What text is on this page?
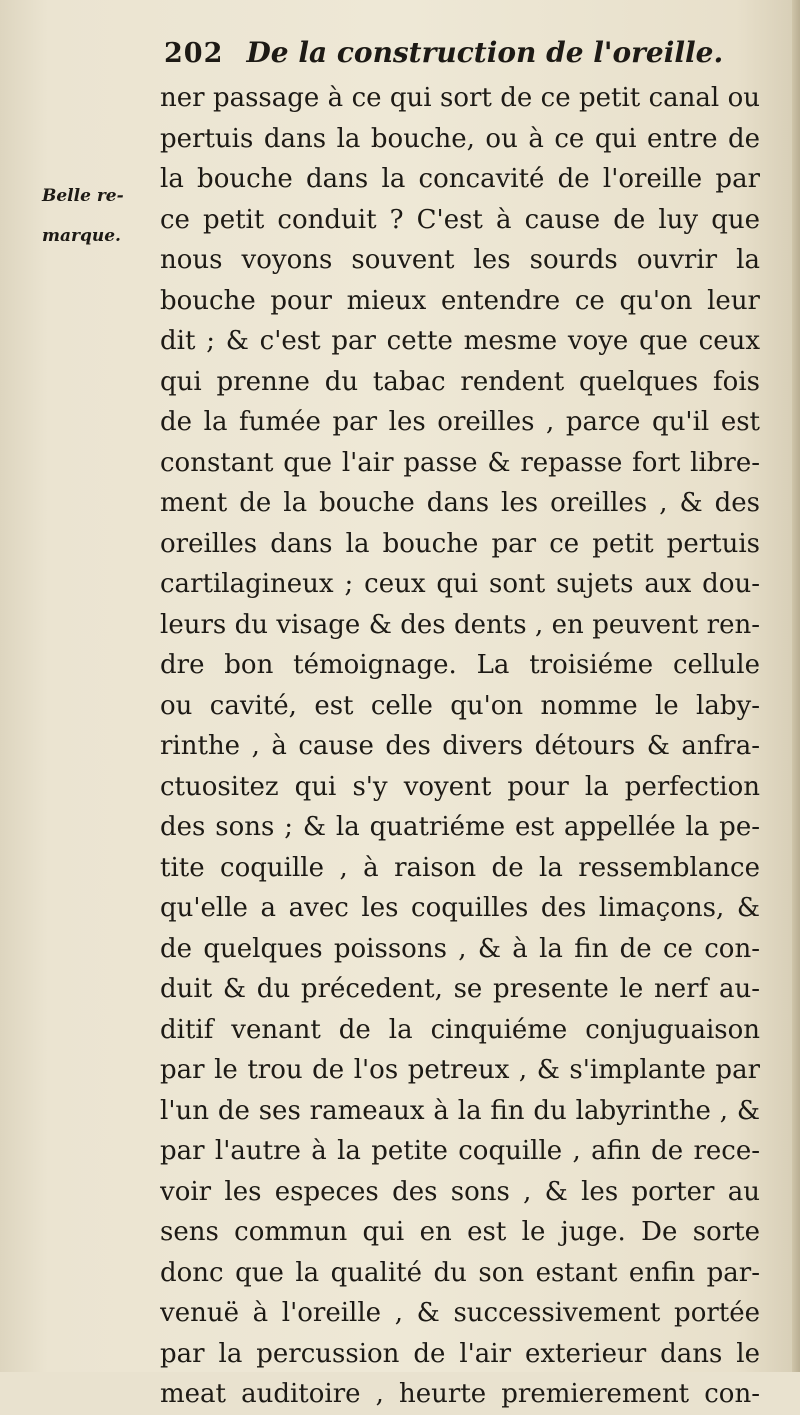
202 De la construction de l'oreille.
Belle re-
marque.
ner passage à ce qui sort de ce petit canal ou
pertuis dans la bouche, ou à ce qui entre de
la bouche dans la concavité de l'oreille par
ce petit conduit ? C'est à cause de luy que
nous voyons souvent les sourds ouvrir la
bouche pour mieux entendre ce qu'on leur
dit ; & c'est par cette mesme voye que ceux
qui prenne du tabac rendent quelques fois
de la fumée par les oreilles , parce qu'il est
constant que l'air passe & repasse fort libre-
ment de la bouche dans les oreilles , & des
oreilles dans la bouche par ce petit pertuis
cartilagineux ; ceux qui sont sujets aux dou-
leurs du visage & des dents , en peuvent ren-
dre bon témoignage. La troisiéme cellule
ou cavité, est celle qu'on nomme le laby-
rinthe , à cause des divers détours & anfra-
ctuositez qui s'y voyent pour la perfection
des sons ; & la quatriéme est appellée la pe-
tite coquille , à raison de la ressemblance
qu'elle a avec les coquilles des limaçons, &
de quelques poissons , & à la fin de ce con-
duit & du précedent, se presente le nerf au-
ditif venant de la cinquiéme conjuguaison
par le trou de l'os petreux , & s'implante par
l'un de ses rameaux à la fin du labyrinthe , &
par l'autre à la petite coquille , afin de rece-
voir les especes des sons , & les porter au
sens commun qui en est le juge. De sorte
donc que la qualité du son estant enfin par-
venuë à l'oreille , & successivement portée
par la percussion de l'air exterieur dans le
meat auditoire , heurte premierement con-
